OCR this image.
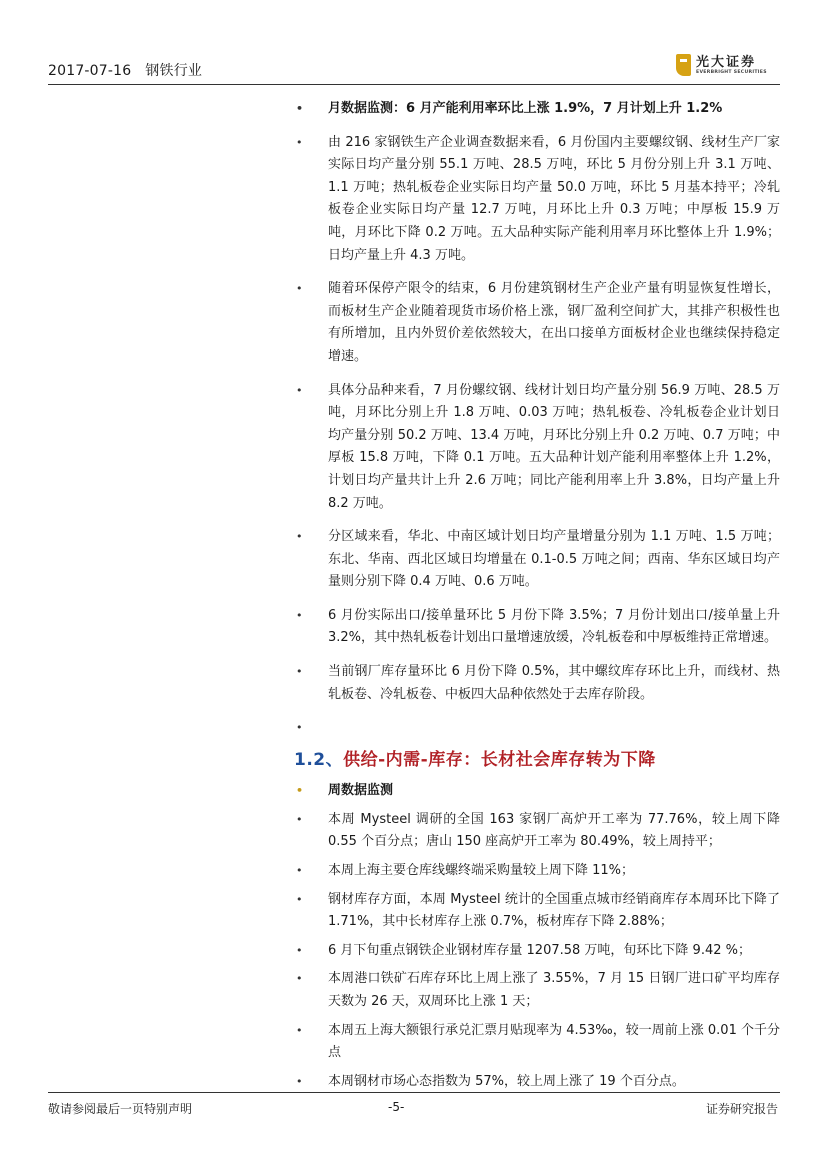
2017-07-16   钢铁行业
光大证券
EVERBRIGHT SECURITIES
• 月数据监测：6 月产能利用率环比上涨 1.9%，7 月计划上升 1.2%
• 由 216 家钢铁生产企业调查数据来看，6 月份国内主要螺纹钢、线材生产厂家实际日均产量分别 55.1 万吨、28.5 万吨，环比 5 月份分别上升 3.1 万吨、1.1 万吨；热轧板卷企业实际日均产量 50.0 万吨，环比 5 月基本持平；冷轧板卷企业实际日均产量 12.7 万吨，月环比上升 0.3 万吨；中厚板 15.9 万吨，月环比下降 0.2 万吨。五大品种实际产能利用率月环比整体上升 1.9%；日均产量上升 4.3 万吨。
• 随着环保停产限令的结束，6 月份建筑钢材生产企业产量有明显恢复性增长，而板材生产企业随着现货市场价格上涨，钢厂盈利空间扩大，其排产积极性也有所增加，且内外贸价差依然较大，在出口接单方面板材企业也继续保持稳定增速。
• 具体分品种来看，7 月份螺纹钢、线材计划日均产量分别 56.9 万吨、28.5 万吨，月环比分别上升 1.8 万吨、0.03 万吨；热轧板卷、冷轧板卷企业计划日均产量分别 50.2 万吨、13.4 万吨，月环比分别上升 0.2 万吨、0.7 万吨；中厚板 15.8 万吨，下降 0.1 万吨。五大品种计划产能利用率整体上升 1.2%，计划日均产量共计上升 2.6 万吨；同比产能利用率上升 3.8%，日均产量上升 8.2 万吨。
• 分区域来看，华北、中南区域计划日均产量增量分别为 1.1 万吨、1.5 万吨；东北、华南、西北区域日均增量在 0.1-0.5 万吨之间；西南、华东区域日均产量则分别下降 0.4 万吨、0.6 万吨。
• 6 月份实际出口/接单量环比 5 月份下降 3.5%；7 月份计划出口/接单量上升 3.2%，其中热轧板卷计划出口量增速放缓，冷轧板卷和中厚板维持正常增速。
• 当前钢厂库存量环比 6 月份下降 0.5%，其中螺纹库存环比上升，而线材、热轧板卷、冷轧板卷、中板四大品种依然处于去库存阶段。
•
1.2、供给-内需-库存：长材社会库存转为下降
• 周数据监测
• 本周 Mysteel 调研的全国 163 家钢厂高炉开工率为 77.76%，较上周下降 0.55 个百分点；唐山 150 座高炉开工率为 80.49%，较上周持平；
• 本周上海主要仓库线螺终端采购量较上周下降 11%；
• 钢材库存方面，本周 Mysteel 统计的全国重点城市经销商库存本周环比下降了 1.71%，其中长材库存上涨 0.7%，板材库存下降 2.88%；
• 6 月下旬重点钢铁企业钢材库存量 1207.58 万吨，旬环比下降 9.42 %；
• 本周港口铁矿石库存环比上周上涨了 3.55%，7 月 15 日钢厂进口矿平均库存天数为 26 天，双周环比上涨 1 天；
• 本周五上海大额银行承兑汇票月贴现率为 4.53‰，较一周前上涨 0.01 个千分点
• 本周钢材市场心态指数为 57%，较上周上涨了 19 个百分点。
敬请参阅最后一页特别声明	-5-	证券研究报告
